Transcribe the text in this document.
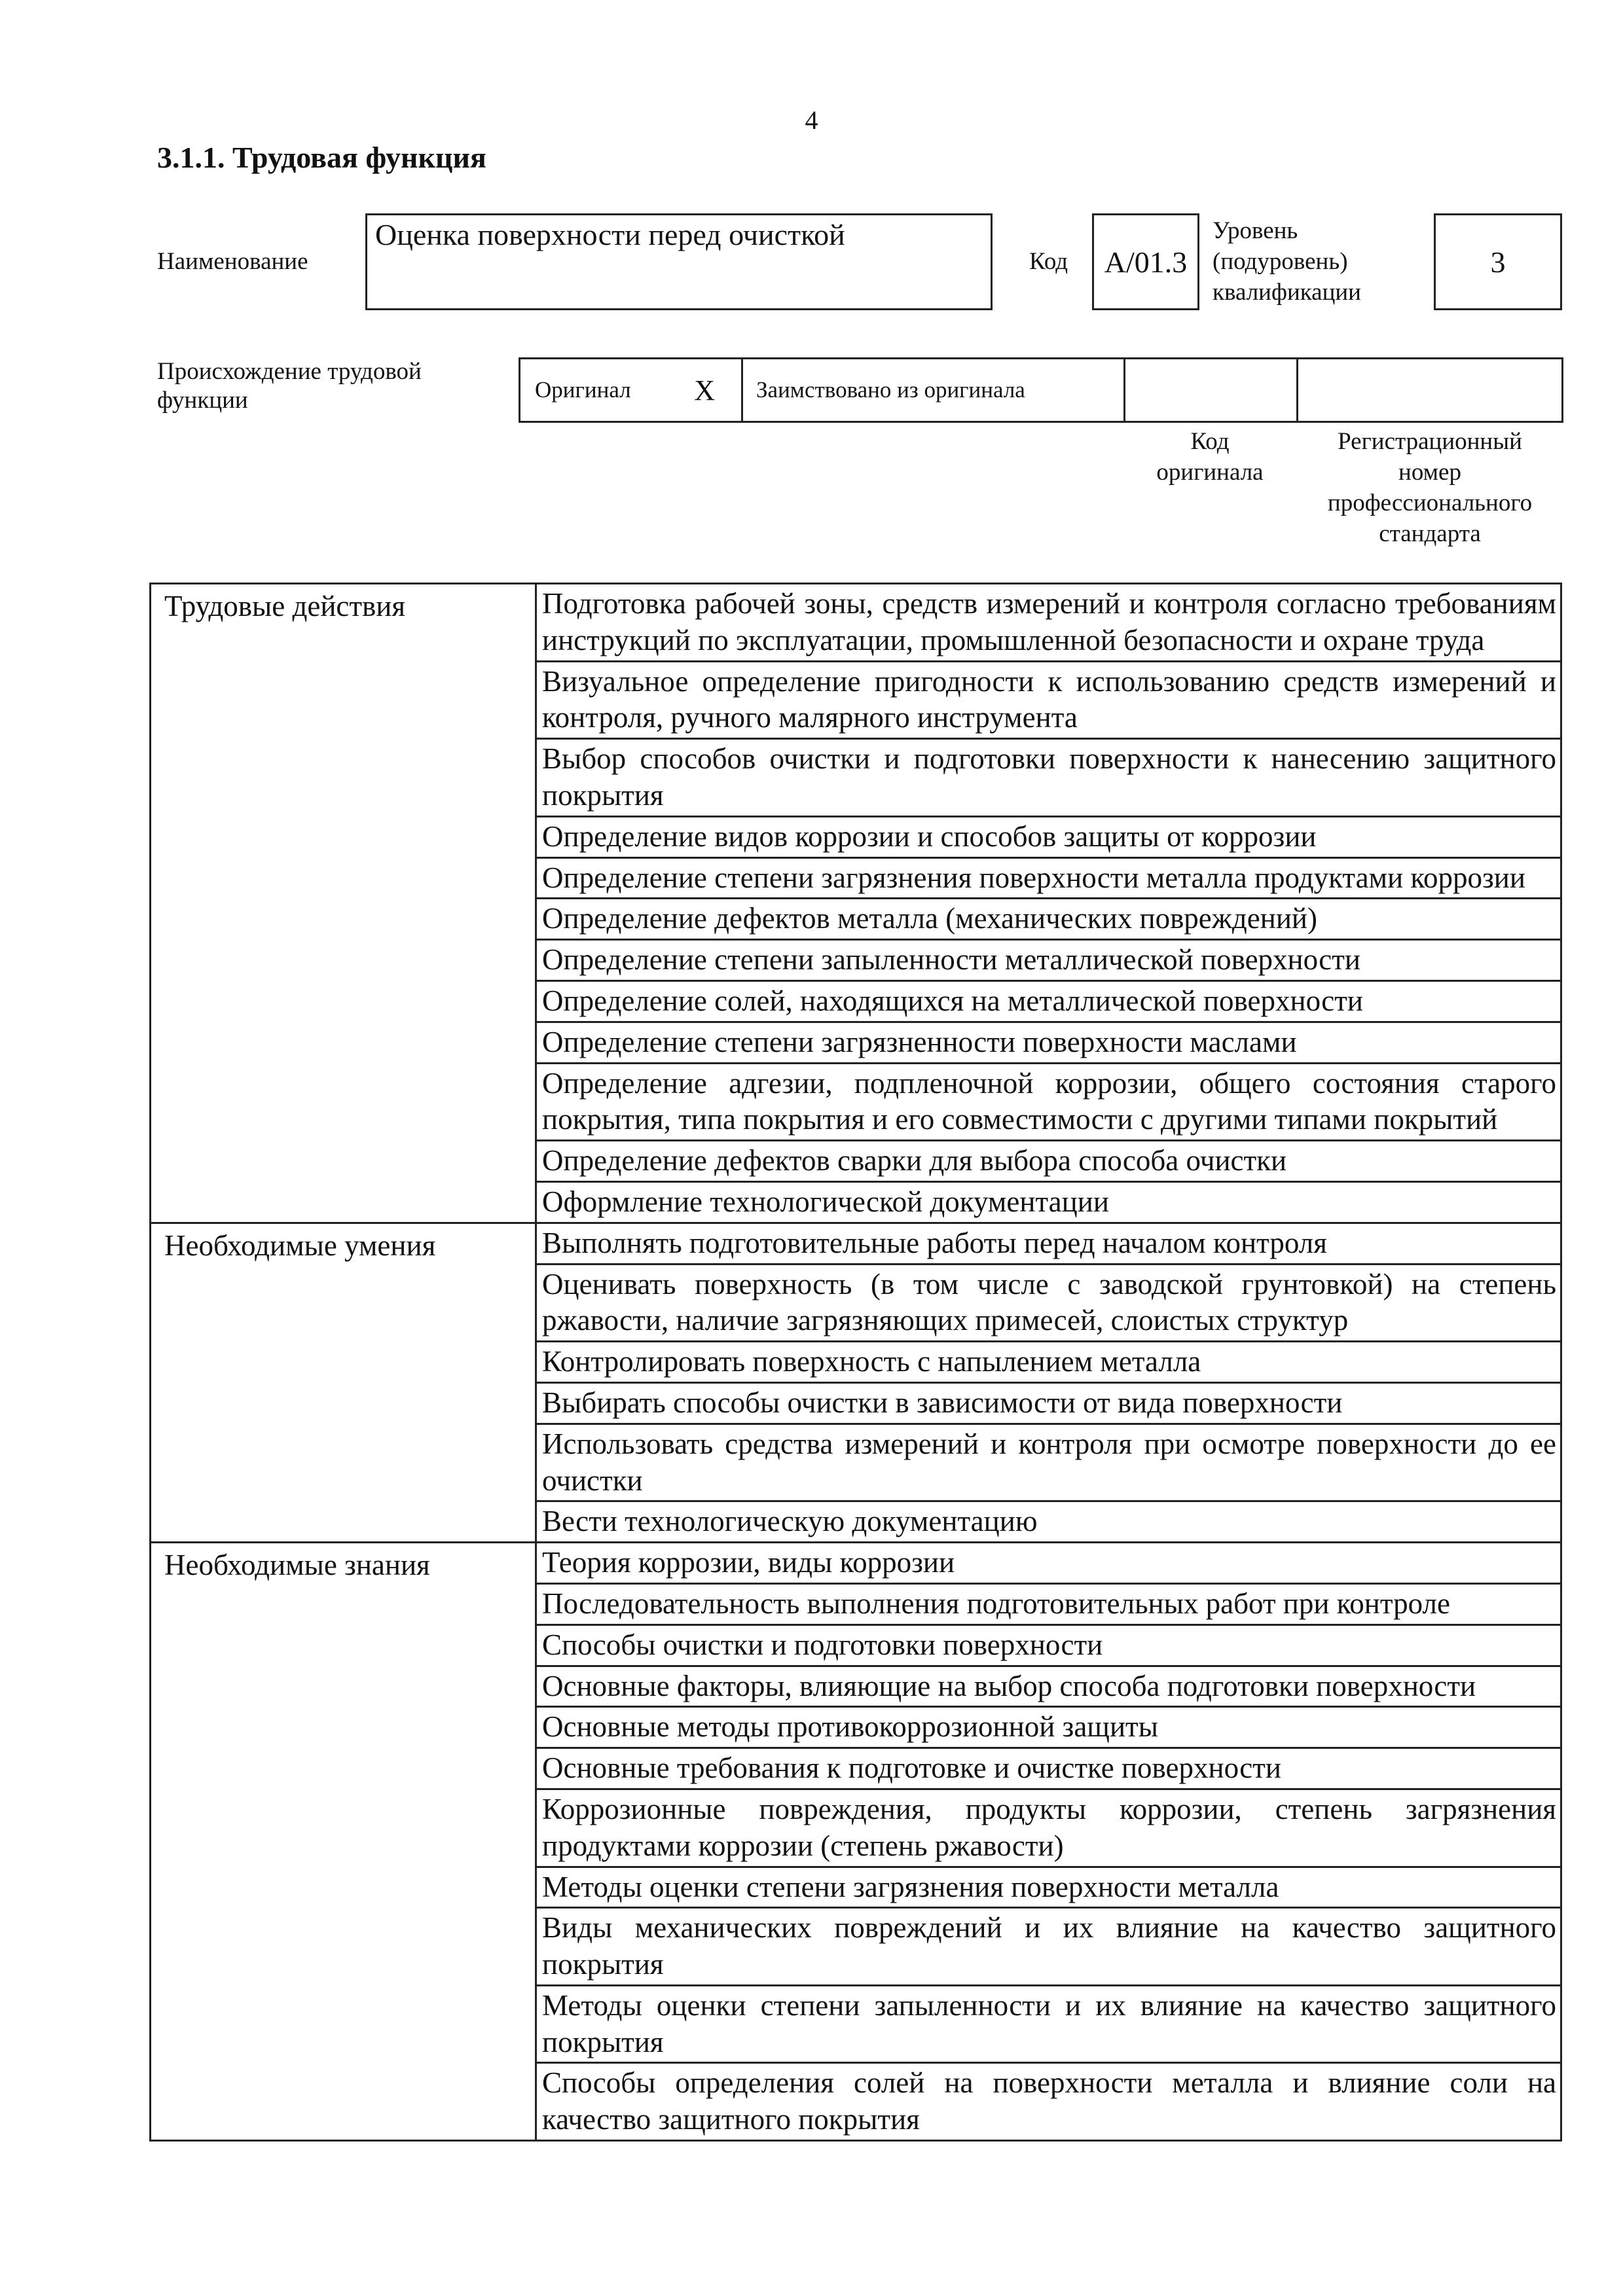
4
3.1.1. Трудовая функция
Наименование
Оценка поверхности перед очисткой
Код	A/01.3
Уровень
(подуровень)
квалификации
3
Происхождение трудовой
функции	Оригинал X Заимствовано из оригинала
Код
оригинала
Регистрационный
номер
профессионального
стандарта
Трудовые действия	Подготовка рабочей зоны, средств измерений и контроля согласно требованиям инструкций по эксплуатации, промышленной безопасности и охране труда
	Визуальное определение пригодности к использованию средств измерений и контроля, ручного малярного инструмента
	Выбор способов очистки и подготовки поверхности к нанесению защитного покрытия
	Определение видов коррозии и способов защиты от коррозии
	Определение степени загрязнения поверхности металла продуктами коррозии
	Определение дефектов металла (механических повреждений)
	Определение степени запыленности металлической поверхности
	Определение солей, находящихся на металлической поверхности
	Определение степени загрязненности поверхности маслами
	Определение адгезии, подпленочной коррозии, общего состояния старого покрытия, типа покрытия и его совместимости с другими типами покрытий
	Определение дефектов сварки для выбора способа очистки
	Оформление технологической документации
Необходимые умения	Выполнять подготовительные работы перед началом контроля
	Оценивать поверхность (в том числе с заводской грунтовкой) на степень ржавости, наличие загрязняющих примесей, слоистых структур
	Контролировать поверхность с напылением металла
	Выбирать способы очистки в зависимости от вида поверхности
	Использовать средства измерений и контроля при осмотре поверхности до ее очистки
	Вести технологическую документацию
Необходимые знания	Теория коррозии, виды коррозии
	Последовательность выполнения подготовительных работ при контроле
	Способы очистки и подготовки поверхности
	Основные факторы, влияющие на выбор способа подготовки поверхности
	Основные методы противокоррозионной защиты
	Основные требования к подготовке и очистке поверхности
	Коррозионные повреждения, продукты коррозии, степень загрязнения продуктами коррозии (степень ржавости)
	Методы оценки степени загрязнения поверхности металла
	Виды механических повреждений и их влияние на качество защитного покрытия
	Методы оценки степени запыленности и их влияние на качество защитного покрытия
	Способы определения солей на поверхности металла и влияние соли на качество защитного покрытия
